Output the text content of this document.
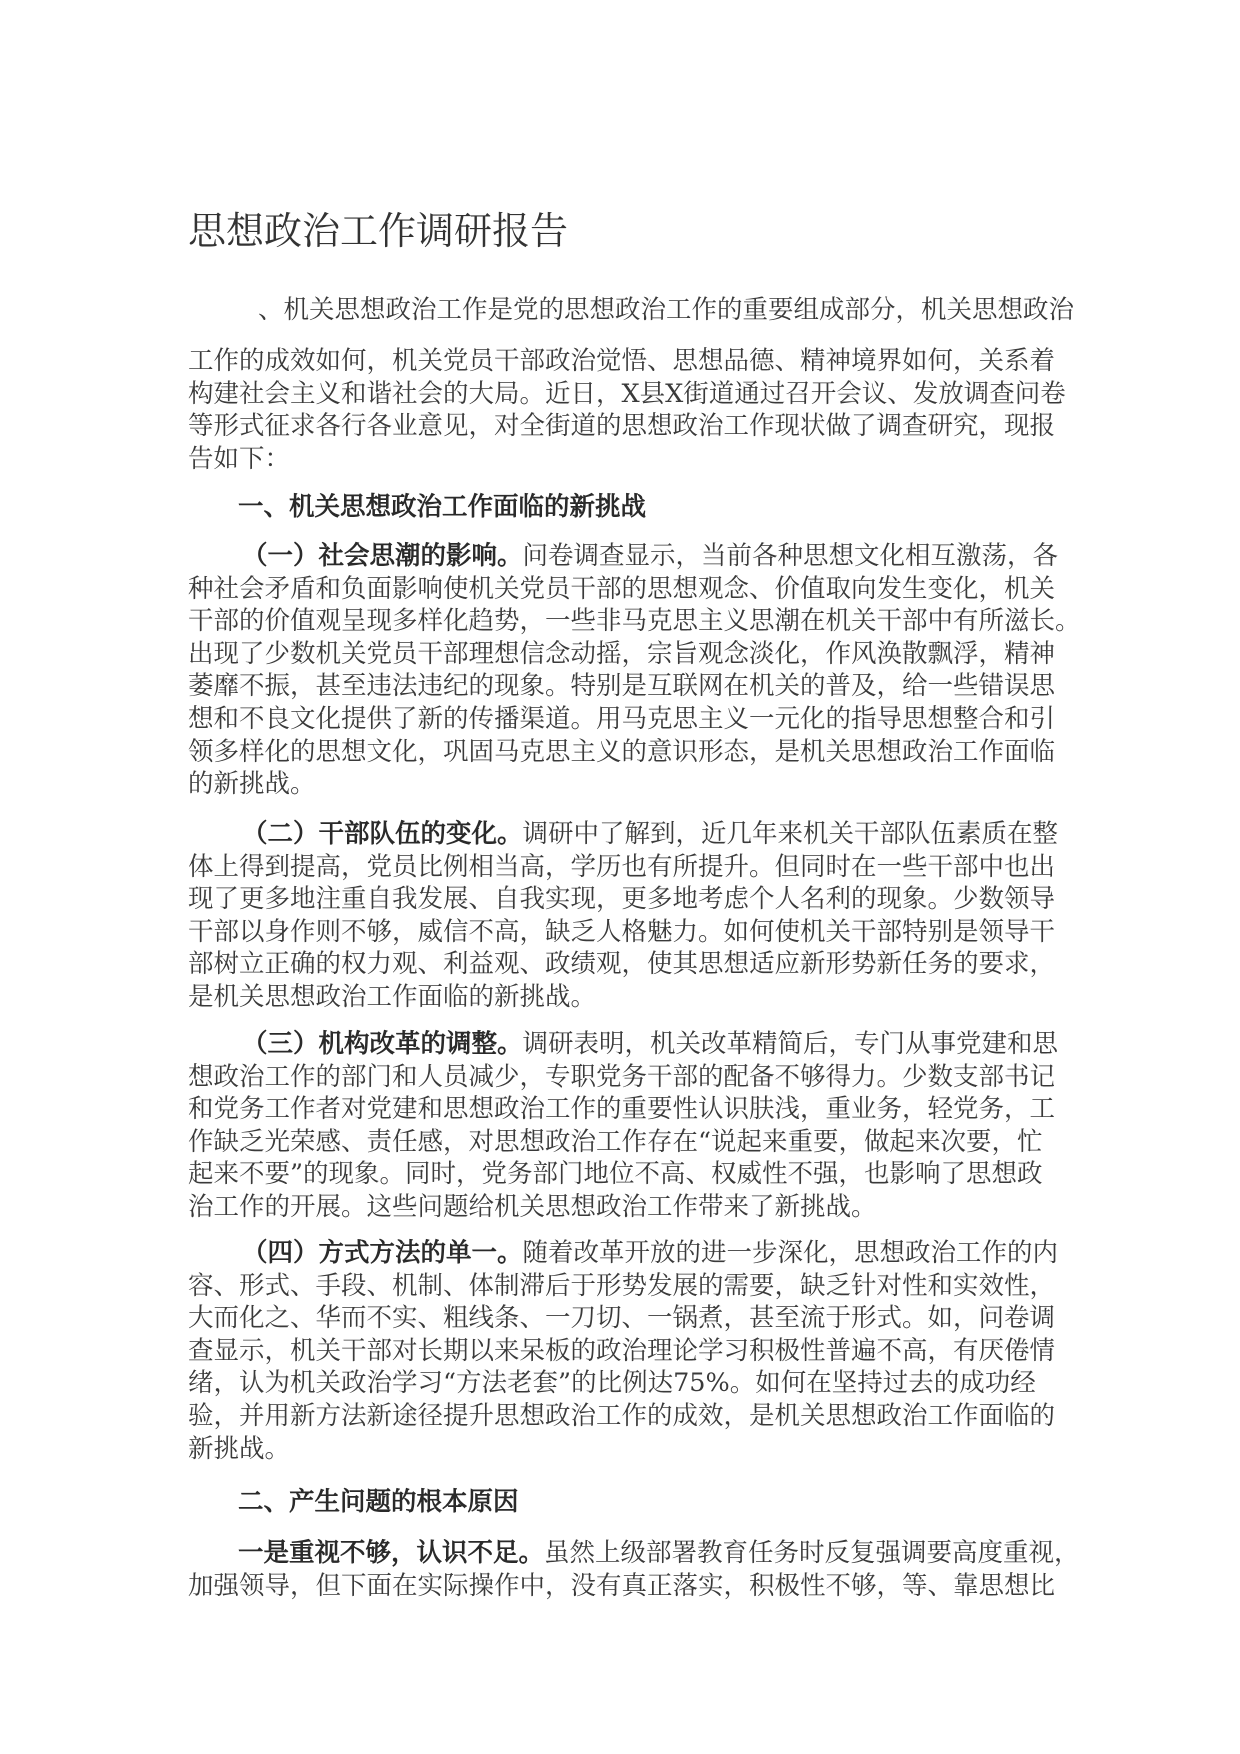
思想政治工作调研报告
、机关思想政治工作是党的思想政治工作的重要组成部分，机关思想政治
工作的成效如何，机关党员干部政治觉悟、思想品德、精神境界如何，关系着
构建社会主义和谐社会的大局。近日，X县X街道通过召开会议、发放调查问卷
等形式征求各行各业意见，对全街道的思想政治工作现状做了调查研究，现报
告如下：
一、机关思想政治工作面临的新挑战
（一）社会思潮的影响。问卷调查显示，当前各种思想文化相互激荡，各
种社会矛盾和负面影响使机关党员干部的思想观念、价值取向发生变化，机关
干部的价值观呈现多样化趋势，一些非马克思主义思潮在机关干部中有所滋长。
出现了少数机关党员干部理想信念动摇，宗旨观念淡化，作风涣散飘浮，精神
萎靡不振，甚至违法违纪的现象。特别是互联网在机关的普及，给一些错误思
想和不良文化提供了新的传播渠道。用马克思主义一元化的指导思想整合和引
领多样化的思想文化，巩固马克思主义的意识形态，是机关思想政治工作面临
的新挑战。
（二）干部队伍的变化。调研中了解到，近几年来机关干部队伍素质在整
体上得到提高，党员比例相当高，学历也有所提升。但同时在一些干部中也出
现了更多地注重自我发展、自我实现，更多地考虑个人名利的现象。少数领导
干部以身作则不够，威信不高，缺乏人格魅力。如何使机关干部特别是领导干
部树立正确的权力观、利益观、政绩观，使其思想适应新形势新任务的要求，
是机关思想政治工作面临的新挑战。
（三）机构改革的调整。调研表明，机关改革精简后，专门从事党建和思
想政治工作的部门和人员减少，专职党务干部的配备不够得力。少数支部书记
和党务工作者对党建和思想政治工作的重要性认识肤浅，重业务，轻党务，工
作缺乏光荣感、责任感，对思想政治工作存在“说起来重要，做起来次要，忙
起来不要”的现象。同时，党务部门地位不高、权威性不强，也影响了思想政
治工作的开展。这些问题给机关思想政治工作带来了新挑战。
（四）方式方法的单一。随着改革开放的进一步深化，思想政治工作的内
容、形式、手段、机制、体制滞后于形势发展的需要，缺乏针对性和实效性，
大而化之、华而不实、粗线条、一刀切、一锅煮，甚至流于形式。如，问卷调
查显示，机关干部对长期以来呆板的政治理论学习积极性普遍不高，有厌倦情
绪，认为机关政治学习“方法老套”的比例达75%。如何在坚持过去的成功经
验，并用新方法新途径提升思想政治工作的成效，是机关思想政治工作面临的
新挑战。
二、产生问题的根本原因
一是重视不够，认识不足。虽然上级部署教育任务时反复强调要高度重视，
加强领导，但下面在实际操作中，没有真正落实，积极性不够，等、靠思想比
